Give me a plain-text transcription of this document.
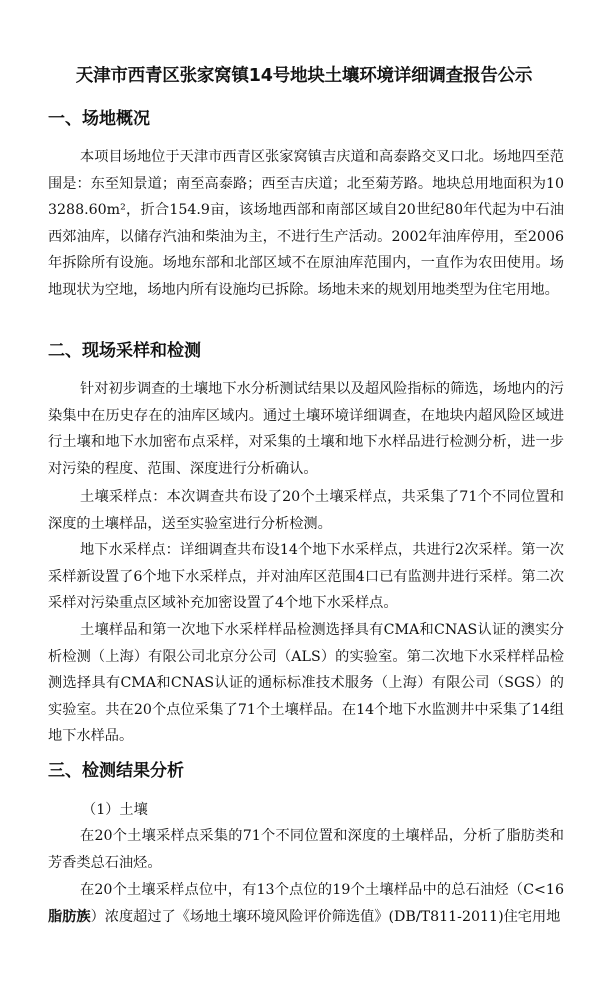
天津市西青区张家窝镇14号地块土壤环境详细调查报告公示
一、场地概况

本项目场地位于天津市西青区张家窝镇吉庆道和高泰路交叉口北。场地四至范围是：东至知景道；南至高泰路；西至吉庆道；北至菊芳路。地块总用地面积为103288.60m²，折合154.9亩，该场地西部和南部区域自20世纪80年代起为中石油西郊油库，以储存汽油和柴油为主，不进行生产活动。2002年油库停用，至2006年拆除所有设施。场地东部和北部区域不在原油库范围内，一直作为农田使用。场地现状为空地，场地内所有设施均已拆除。场地未来的规划用地类型为住宅用地。

二、现场采样和检测

针对初步调查的土壤地下水分析测试结果以及超风险指标的筛选，场地内的污染集中在历史存在的油库区域内。通过土壤环境详细调查，在地块内超风险区域进行土壤和地下水加密布点采样，对采集的土壤和地下水样品进行检测分析，进一步对污染的程度、范围、深度进行分析确认。

土壤采样点：本次调查共布设了20个土壤采样点，共采集了71个不同位置和深度的土壤样品，送至实验室进行分析检测。

地下水采样点：详细调查共布设14个地下水采样点，共进行2次采样。第一次采样新设置了6个地下水采样点，并对油库区范围4口已有监测井进行采样。第二次采样对污染重点区域补充加密设置了4个地下水采样点。

土壤样品和第一次地下水采样样品检测选择具有CMA和CNAS认证的澳实分析检测（上海）有限公司北京分公司（ALS）的实验室。第二次地下水采样样品检测选择具有CMA和CNAS认证的通标标准技术服务（上海）有限公司（SGS）的实验室。共在20个点位采集了71个土壤样品。在14个地下水监测井中采集了14组地下水样品。

三、检测结果分析
（1）土壤

在20个土壤采样点采集的71个不同位置和深度的土壤样品，分析了脂肪类和芳香类总石油烃。

在20个土壤采样点位中，有13个点位的19个土壤样品中的总石油烃（C<16脂肪族）浓度超过了《场地土壤环境风险评价筛选值》(DB/T811-2011)住宅用地
